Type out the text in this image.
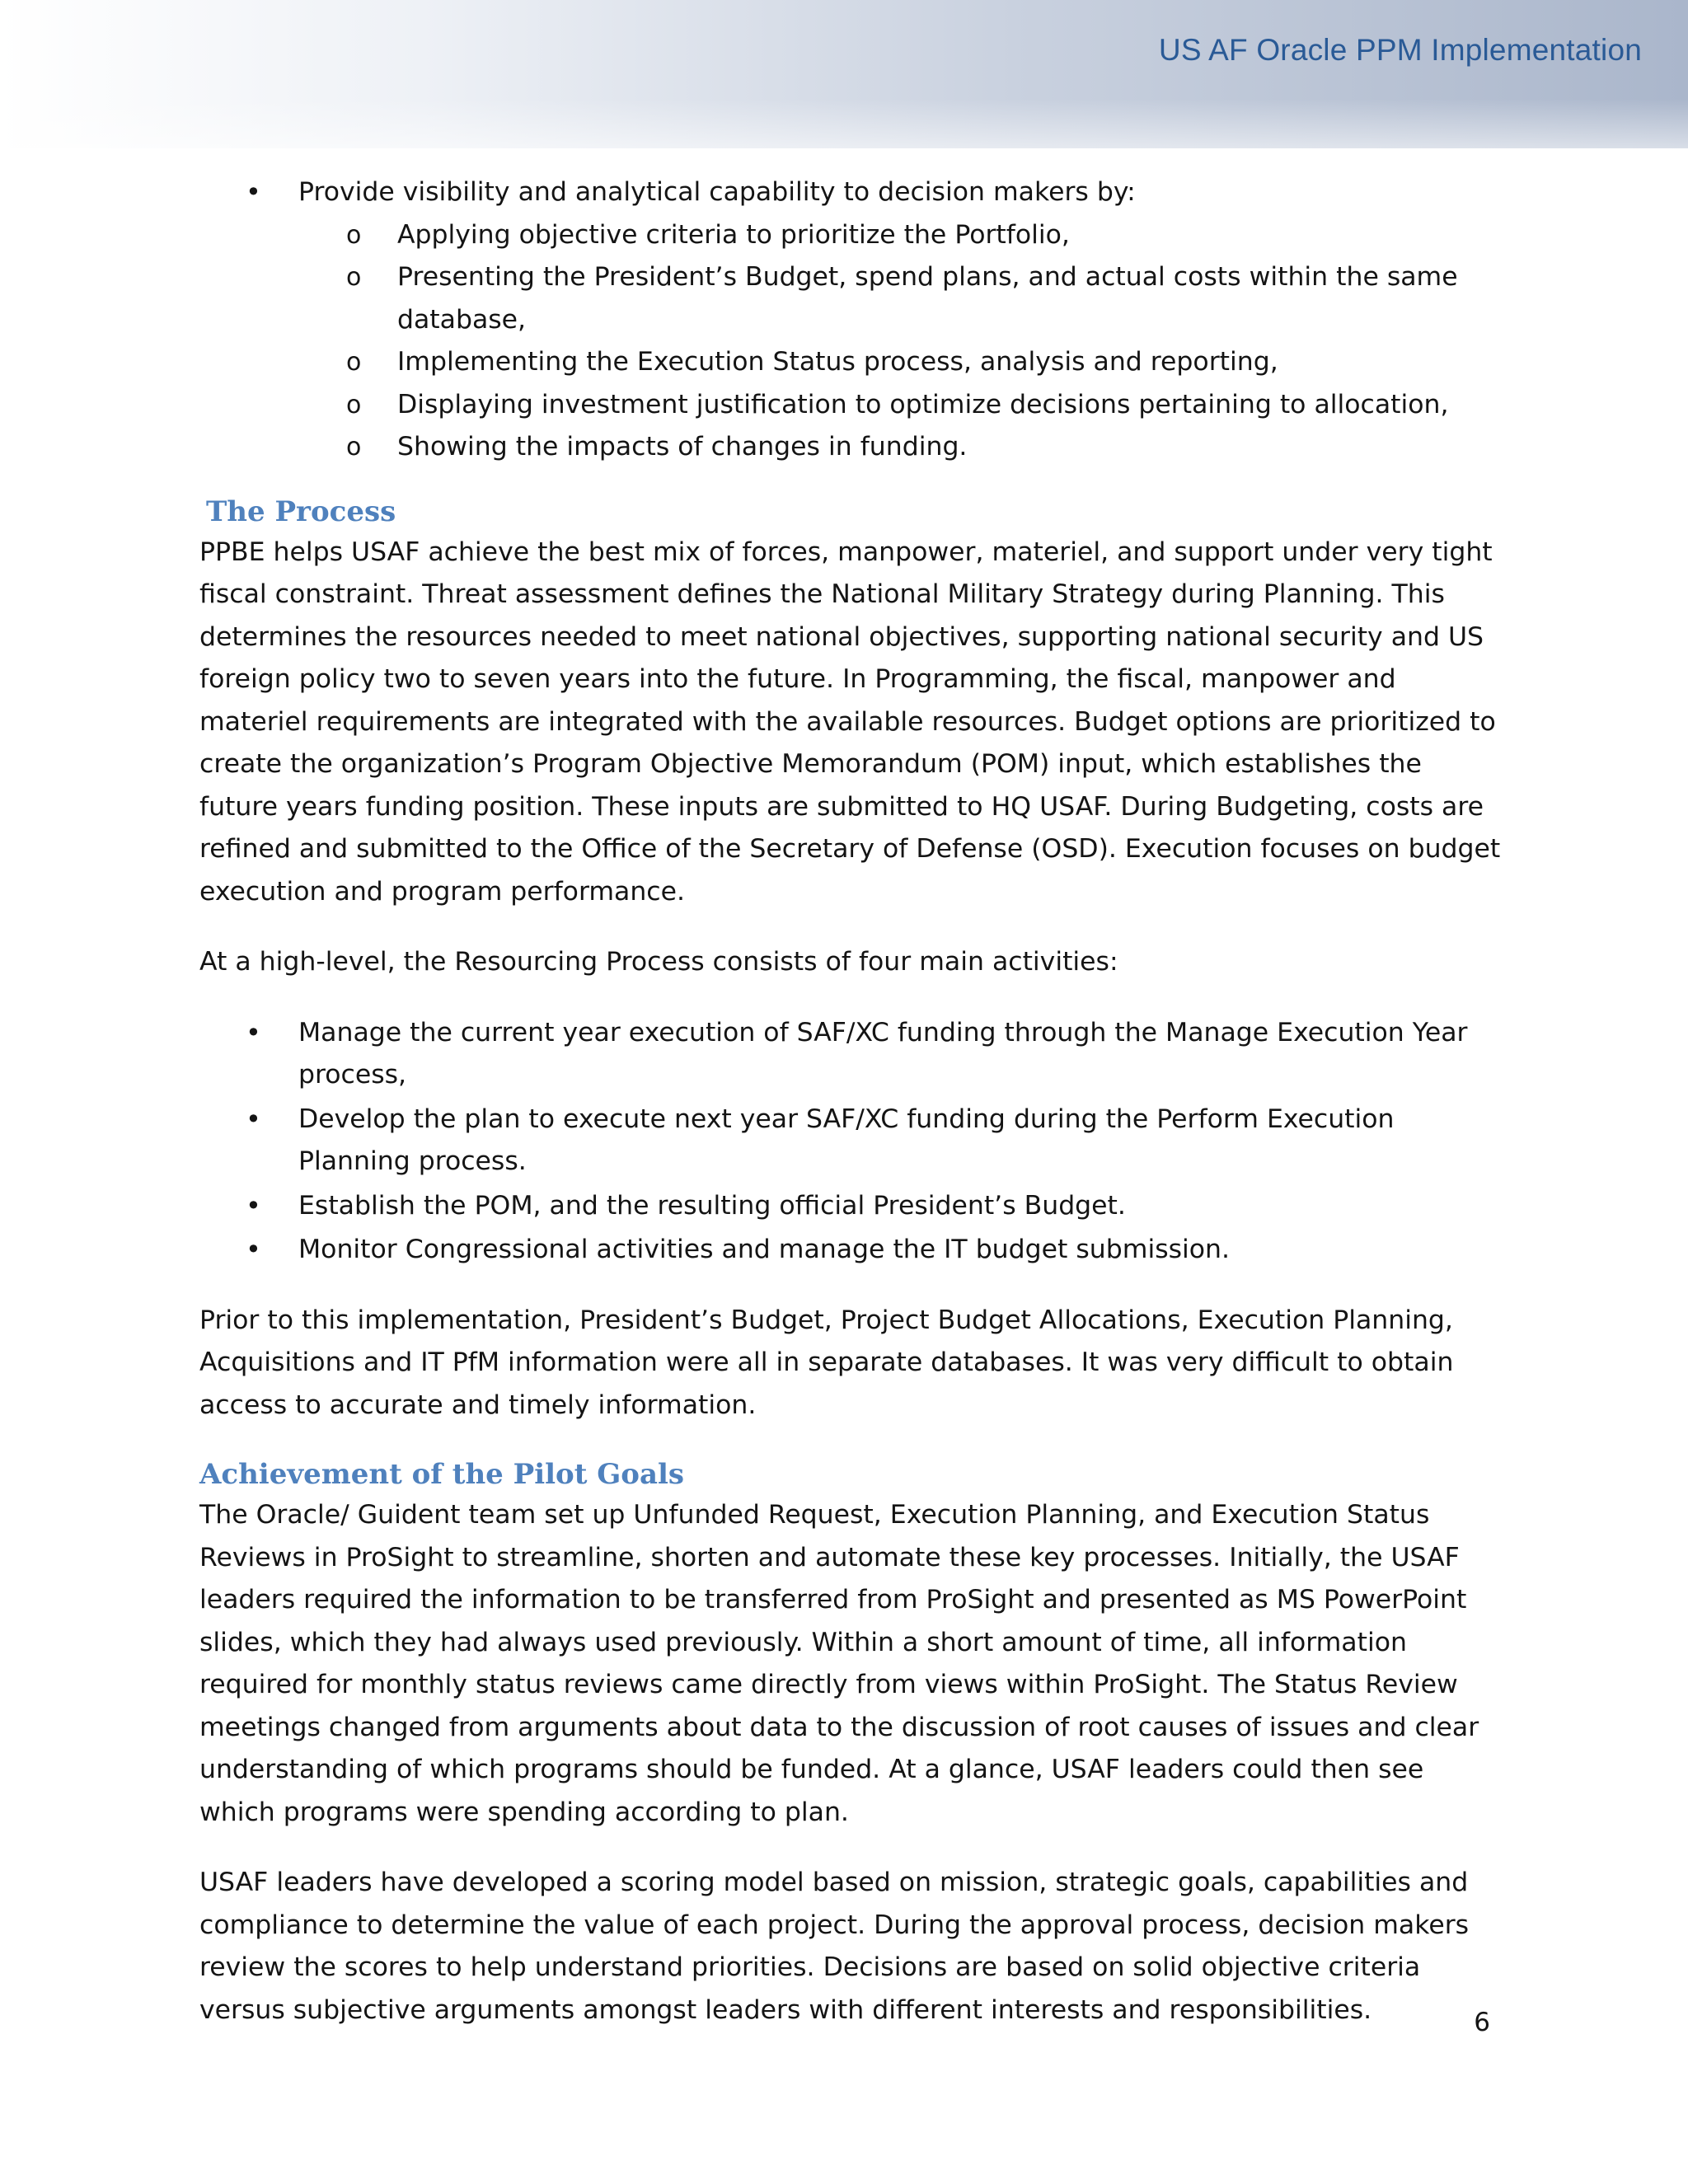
US AF Oracle PPM Implementation
• Provide visibility and analytical capability to decision makers by:
o Applying objective criteria to prioritize the Portfolio,
o Presenting the President’s Budget, spend plans, and actual costs within the same database,
o Implementing the Execution Status process, analysis and reporting,
o Displaying investment justification to optimize decisions pertaining to allocation,
o Showing the impacts of changes in funding.
The Process

PPBE helps USAF achieve the best mix of forces, manpower, materiel, and support under very tight fiscal constraint. Threat assessment defines the National Military Strategy during Planning. This determines the resources needed to meet national objectives, supporting national security and US foreign policy two to seven years into the future. In Programming, the fiscal, manpower and materiel requirements are integrated with the available resources. Budget options are prioritized to create the organization’s Program Objective Memorandum (POM) input, which establishes the future years funding position. These inputs are submitted to HQ USAF. During Budgeting, costs are refined and submitted to the Office of the Secretary of Defense (OSD). Execution focuses on budget execution and program performance.

At a high-level, the Resourcing Process consists of four main activities:

• Manage the current year execution of SAF/XC funding through the Manage Execution Year process,
• Develop the plan to execute next year SAF/XC funding during the Perform Execution Planning process.
• Establish the POM, and the resulting official President’s Budget.
• Monitor Congressional activities and manage the IT budget submission.

Prior to this implementation, President’s Budget, Project Budget Allocations, Execution Planning, Acquisitions and IT PfM information were all in separate databases. It was very difficult to obtain access to accurate and timely information.

Achievement of the Pilot Goals

The Oracle/ Guident team set up Unfunded Request, Execution Planning, and Execution Status Reviews in ProSight to streamline, shorten and automate these key processes. Initially, the USAF leaders required the information to be transferred from ProSight and presented as MS PowerPoint slides, which they had always used previously. Within a short amount of time, all information required for monthly status reviews came directly from views within ProSight. The Status Review meetings changed from arguments about data to the discussion of root causes of issues and clear understanding of which programs should be funded. At a glance, USAF leaders could then see which programs were spending according to plan.

USAF leaders have developed a scoring model based on mission, strategic goals, capabilities and compliance to determine the value of each project. During the approval process, decision makers review the scores to help understand priorities. Decisions are based on solid objective criteria versus subjective arguments amongst leaders with different interests and responsibilities.	6
